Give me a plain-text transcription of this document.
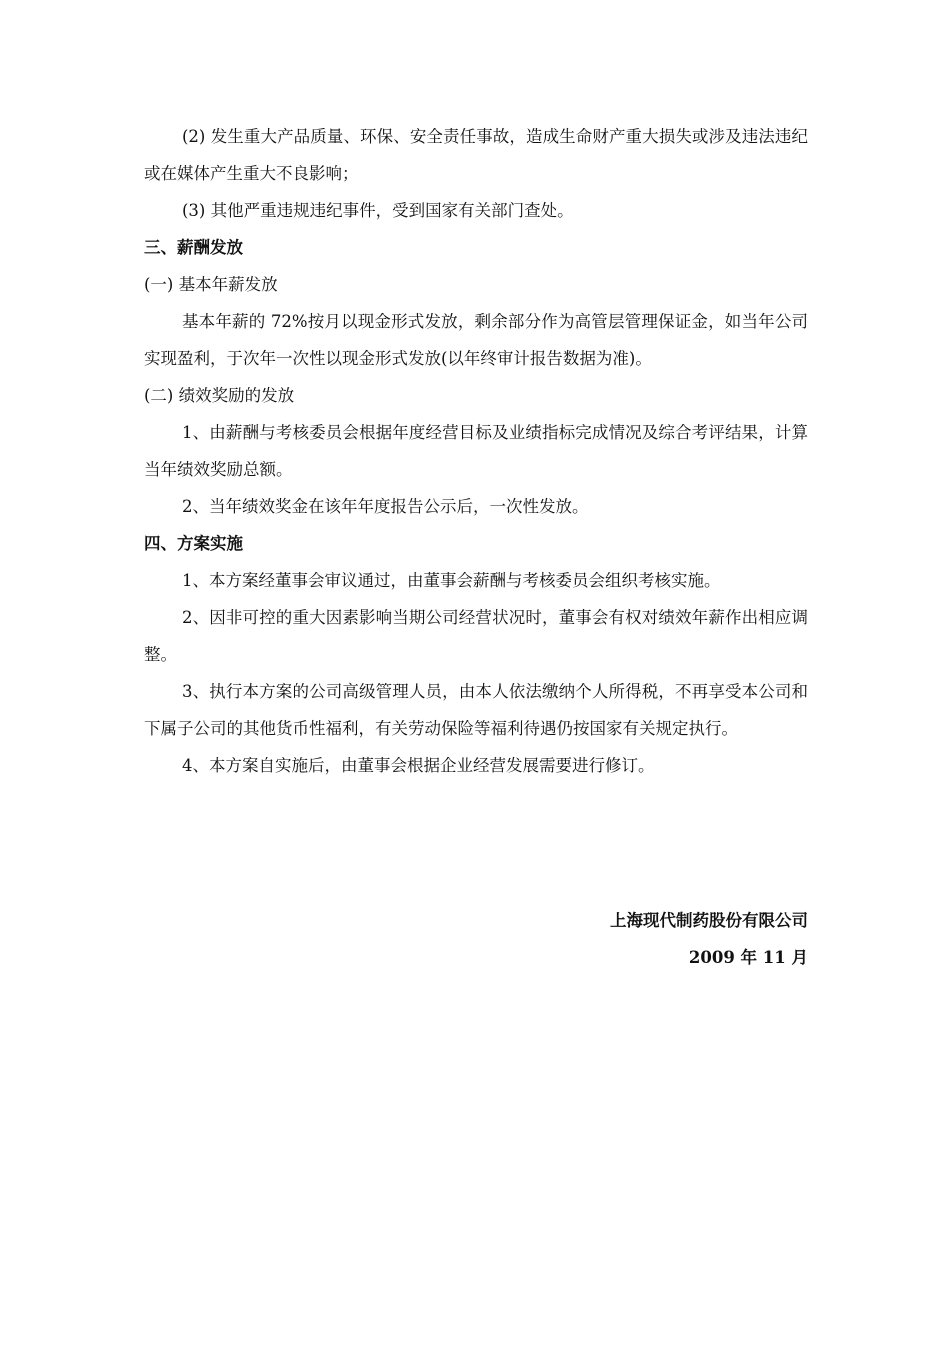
(2) 发生重大产品质量、环保、安全责任事故，造成生命财产重大损失或涉及违法违纪或在媒体产生重大不良影响；

(3) 其他严重违规违纪事件，受到国家有关部门查处。

三、薪酬发放

(一) 基本年薪发放

基本年薪的 72%按月以现金形式发放，剩余部分作为高管层管理保证金，如当年公司实现盈利，于次年一次性以现金形式发放(以年终审计报告数据为准)。

(二) 绩效奖励的发放

1、由薪酬与考核委员会根据年度经营目标及业绩指标完成情况及综合考评结果，计算当年绩效奖励总额。

2、当年绩效奖金在该年年度报告公示后，一次性发放。

四、方案实施

1、本方案经董事会审议通过，由董事会薪酬与考核委员会组织考核实施。

2、因非可控的重大因素影响当期公司经营状况时，董事会有权对绩效年薪作出相应调整。

3、执行本方案的公司高级管理人员，由本人依法缴纳个人所得税，不再享受本公司和下属子公司的其他货币性福利，有关劳动保险等福利待遇仍按国家有关规定执行。

4、本方案自实施后，由董事会根据企业经营发展需要进行修订。

上海现代制药股份有限公司

2009 年 11 月
